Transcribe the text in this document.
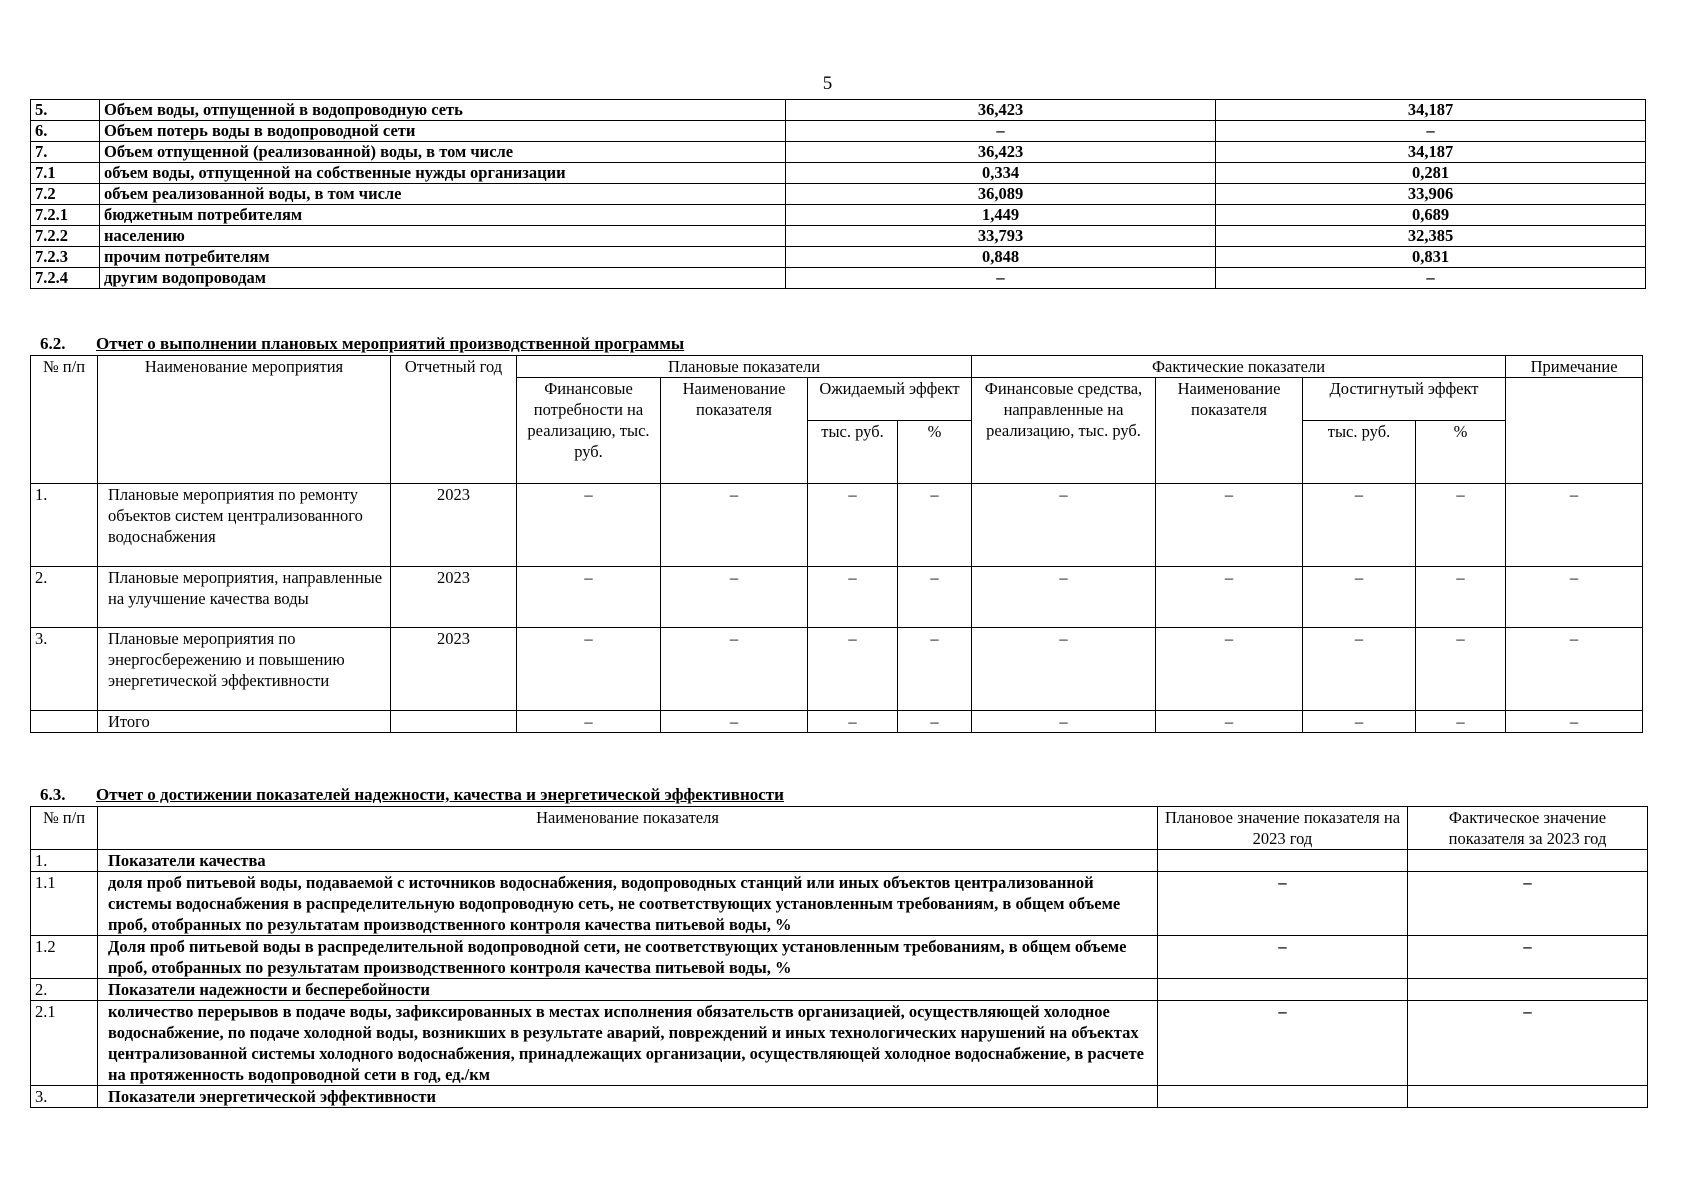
5
5.	Объем воды, отпущенной в водопроводную сеть	36,423	34,187
6.	Объем потерь воды в водопроводной сети	–	–
7.	Объем отпущенной (реализованной) воды, в том числе	36,423	34,187
7.1	объем воды, отпущенной на собственные нужды организации	0,334	0,281
7.2	объем реализованной воды, в том числе	36,089	33,906
7.2.1	бюджетным потребителям	1,449	0,689
7.2.2	населению	33,793	32,385
7.2.3	прочим потребителям	0,848	0,831
7.2.4	другим водопроводам	–	–
6.2. Отчет о выполнении плановых мероприятий производственной программы
№ п/п	Наименование мероприятия	Отчетный год	Плановые показатели				Фактические показатели				Примечание
			Финансовые потребности на реализацию, тыс. руб.	Наименование показателя	Ожидаемый эффект		Финансовые средства, направленные на реализацию, тыс. руб.	Наименование показателя	Достигнутый эффект		
					тыс. руб.	%			тыс. руб.	%	
1.	Плановые мероприятия по ремонту объектов систем централизованного водоснабжения	2023	–	–	–	–	–	–	–	–	–
2.	Плановые мероприятия, направленные на улучшение качества воды	2023	–	–	–	–	–	–	–	–	–
3.	Плановые мероприятия по энергосбережению и повышению энергетической эффективности	2023	–	–	–	–	–	–	–	–	–
	Итого		–	–	–	–	–	–	–	–	–
6.3. Отчет о достижении показателей надежности, качества и энергетической эффективности
№ п/п	Наименование показателя	Плановое значение показателя на 2023 год	Фактическое значение показателя за 2023 год
1.	Показатели качества		
1.1	доля проб питьевой воды, подаваемой с источников водоснабжения, водопроводных станций или иных объектов централизованной системы водоснабжения в распределительную водопроводную сеть, не соответствующих установленным требованиям, в общем объеме проб, отобранных по результатам производственного контроля качества питьевой воды, %	–	–
1.2	Доля проб питьевой воды в распределительной водопроводной сети, не соответствующих установленным требованиям, в общем объеме проб, отобранных по результатам производственного контроля качества питьевой воды, %	–	–
2.	Показатели надежности и бесперебойности		
2.1	количество перерывов в подаче воды, зафиксированных в местах исполнения обязательств организацией, осуществляющей холодное водоснабжение, по подаче холодной воды, возникших в результате аварий, повреждений и иных технологических нарушений на объектах централизованной системы холодного водоснабжения, принадлежащих организации, осуществляющей холодное водоснабжение, в расчете на протяженность водопроводной сети в год, ед./км	–	–
3.	Показатели энергетической эффективности		
